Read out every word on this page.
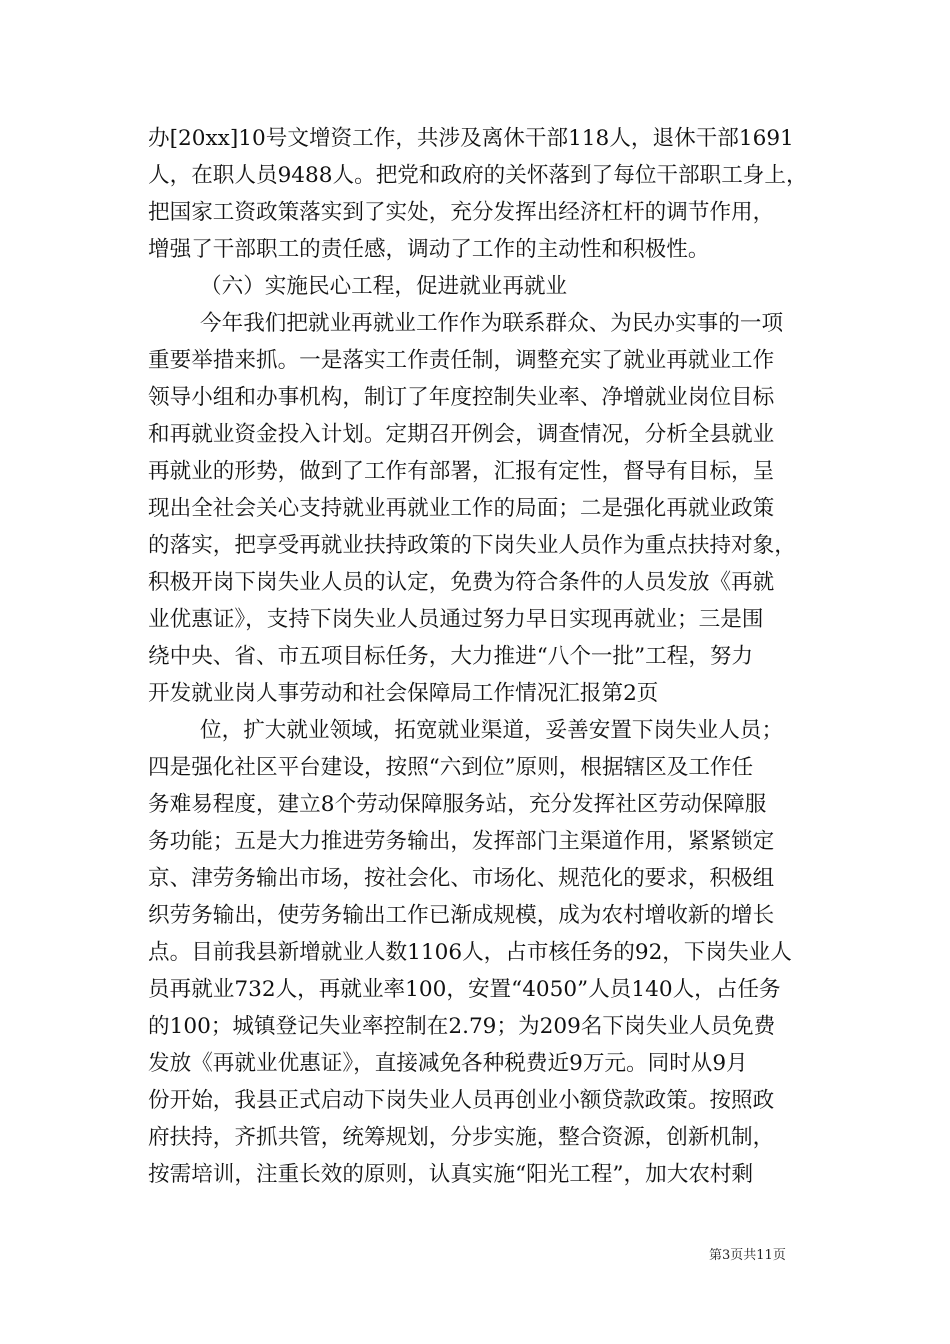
办[20xx]10号文增资工作，共涉及离休干部118人，退休干部1691
人，在职人员9488人。把党和政府的关怀落到了每位干部职工身上，
把国家工资政策落实到了实处，充分发挥出经济杠杆的调节作用，
增强了干部职工的责任感，调动了工作的主动性和积极性。
（六）实施民心工程，促进就业再就业
今年我们把就业再就业工作作为联系群众、为民办实事的一项
重要举措来抓。一是落实工作责任制，调整充实了就业再就业工作
领导小组和办事机构，制订了年度控制失业率、净增就业岗位目标
和再就业资金投入计划。定期召开例会，调查情况，分析全县就业
再就业的形势，做到了工作有部署，汇报有定性，督导有目标，呈
现出全社会关心支持就业再就业工作的局面；二是强化再就业政策
的落实，把享受再就业扶持政策的下岗失业人员作为重点扶持对象，
积极开岗下岗失业人员的认定，免费为符合条件的人员发放《再就
业优惠证》，支持下岗失业人员通过努力早日实现再就业；三是围
绕中央、省、市五项目标任务，大力推进“八个一批”工程，努力
开发就业岗人事劳动和社会保障局工作情况汇报第2页
位，扩大就业领域，拓宽就业渠道，妥善安置下岗失业人员；
四是强化社区平台建设，按照“六到位”原则，根据辖区及工作任
务难易程度，建立8个劳动保障服务站，充分发挥社区劳动保障服
务功能；五是大力推进劳务输出，发挥部门主渠道作用，紧紧锁定
京、津劳务输出市场，按社会化、市场化、规范化的要求，积极组
织劳务输出，使劳务输出工作已渐成规模，成为农村增收新的增长
点。目前我县新增就业人数1106人，占市核任务的92，下岗失业人
员再就业732人，再就业率100，安置“4050”人员140人，占任务
的100；城镇登记失业率控制在2.79；为209名下岗失业人员免费
发放《再就业优惠证》，直接减免各种税费近9万元。同时从9月
份开始，我县正式启动下岗失业人员再创业小额贷款政策。按照政
府扶持，齐抓共管，统筹规划，分步实施，整合资源，创新机制，
按需培训，注重长效的原则，认真实施“阳光工程”，加大农村剩
第3页共11页
